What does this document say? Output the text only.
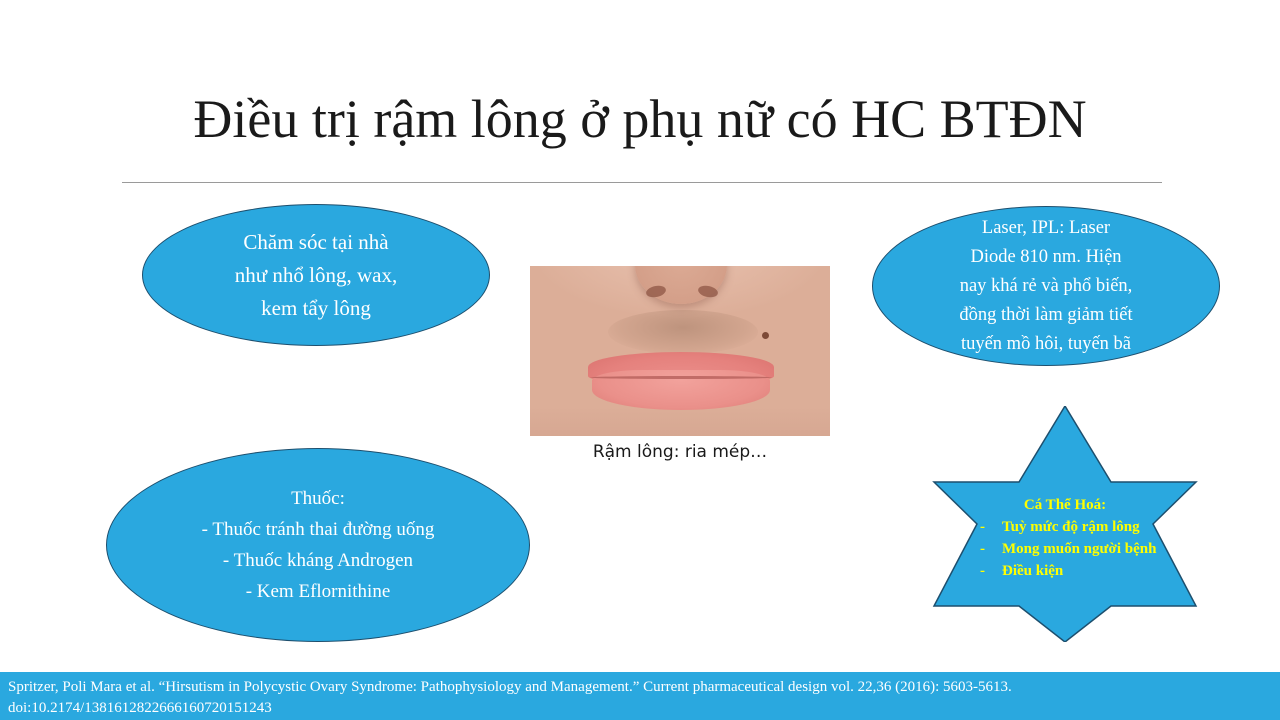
Điều trị rậm lông ở phụ nữ có HC BTĐN
Chăm sóc tại nhà
như nhổ lông, wax,
kem tẩy lông
Laser, IPL: Laser
Diode 810 nm. Hiện
nay khá rẻ và phổ biến,
đồng thời làm giảm tiết
tuyến mồ hôi, tuyến bã
Thuốc:
- Thuốc tránh thai đường uống
- Thuốc kháng Androgen
- Kem Eflornithine
Rậm lông: ria mép…
Cá Thể Hoá:
- Tuỳ mức độ rậm lông
- Mong muốn người bệnh
- Điều kiện
Spritzer, Poli Mara et al. “Hirsutism in Polycystic Ovary Syndrome: Pathophysiology and Management.” Current pharmaceutical design vol. 22,36 (2016): 5603-5613.
doi:10.2174/1381612822666160720151243
